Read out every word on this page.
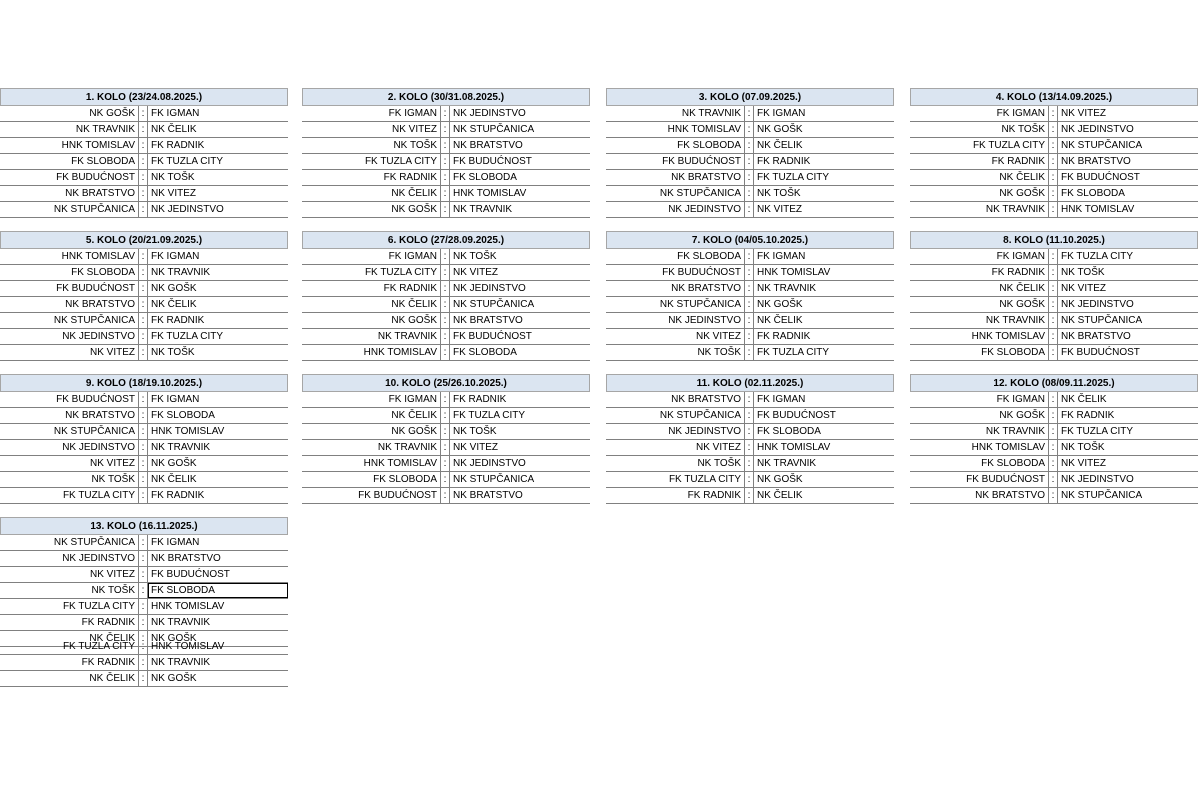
1. KOLO (23/24.08.2025.)
NK GOŠK : FK IGMAN
NK TRAVNIK : NK ČELIK
HNK TOMISLAV : FK RADNIK
FK SLOBODA : FK TUZLA CITY
FK BUDUĆNOST : NK TOŠK
NK BRATSTVO : NK VITEZ
NK STUPČANICA : NK JEDINSTVO
2. KOLO (30/31.08.2025.)
FK IGMAN : NK JEDINSTVO
NK VITEZ : NK STUPČANICA
NK TOŠK : NK BRATSTVO
FK TUZLA CITY : FK BUDUĆNOST
FK RADNIK : FK SLOBODA
NK ČELIK : HNK TOMISLAV
NK GOŠK : NK TRAVNIK
3. KOLO (07.09.2025.)
NK TRAVNIK : FK IGMAN
HNK TOMISLAV : NK GOŠK
FK SLOBODA : NK ČELIK
FK BUDUĆNOST : FK RADNIK
NK BRATSTVO : FK TUZLA CITY
NK STUPČANICA : NK TOŠK
NK JEDINSTVO : NK VITEZ
4. KOLO (13/14.09.2025.)
FK IGMAN : NK VITEZ
NK TOŠK : NK JEDINSTVO
FK TUZLA CITY : NK STUPČANICA
FK RADNIK : NK BRATSTVO
NK ČELIK : FK BUDUĆNOST
NK GOŠK : FK SLOBODA
NK TRAVNIK : HNK TOMISLAV
5. KOLO (20/21.09.2025.)
HNK TOMISLAV : FK IGMAN
FK SLOBODA : NK TRAVNIK
FK BUDUĆNOST : NK GOŠK
NK BRATSTVO : NK ČELIK
NK STUPČANICA : FK RADNIK
NK JEDINSTVO : FK TUZLA CITY
NK VITEZ : NK TOŠK
6. KOLO (27/28.09.2025.)
FK IGMAN : NK TOŠK
FK TUZLA CITY : NK VITEZ
FK RADNIK : NK JEDINSTVO
NK ČELIK : NK STUPČANICA
NK GOŠK : NK BRATSTVO
NK TRAVNIK : FK BUDUĆNOST
HNK TOMISLAV : FK SLOBODA
7. KOLO (04/05.10.2025.)
FK SLOBODA : FK IGMAN
FK BUDUĆNOST : HNK TOMISLAV
NK BRATSTVO : NK TRAVNIK
NK STUPČANICA : NK GOŠK
NK JEDINSTVO : NK ČELIK
NK VITEZ : FK RADNIK
NK TOŠK : FK TUZLA CITY
8. KOLO (11.10.2025.)
FK IGMAN : FK TUZLA CITY
FK RADNIK : NK TOŠK
NK ČELIK : NK VITEZ
NK GOŠK : NK JEDINSTVO
NK TRAVNIK : NK STUPČANICA
HNK TOMISLAV : NK BRATSTVO
FK SLOBODA : FK BUDUĆNOST
9. KOLO (18/19.10.2025.)
FK BUDUĆNOST : FK IGMAN
NK BRATSTVO : FK SLOBODA
NK STUPČANICA : HNK TOMISLAV
NK JEDINSTVO : NK TRAVNIK
NK VITEZ : NK GOŠK
NK TOŠK : NK ČELIK
FK TUZLA CITY : FK RADNIK
10. KOLO (25/26.10.2025.)
FK IGMAN : FK RADNIK
NK ČELIK : FK TUZLA CITY
NK GOŠK : NK TOŠK
NK TRAVNIK : NK VITEZ
HNK TOMISLAV : NK JEDINSTVO
FK SLOBODA : NK STUPČANICA
FK BUDUĆNOST : NK BRATSTVO
11. KOLO (02.11.2025.)
NK BRATSTVO : FK IGMAN
NK STUPČANICA : FK BUDUĆNOST
NK JEDINSTVO : FK SLOBODA
NK VITEZ : HNK TOMISLAV
NK TOŠK : NK TRAVNIK
FK TUZLA CITY : NK GOŠK
FK RADNIK : NK ČELIK
12. KOLO (08/09.11.2025.)
FK IGMAN : NK ČELIK
NK GOŠK : FK RADNIK
NK TRAVNIK : FK TUZLA CITY
HNK TOMISLAV : NK TOŠK
FK SLOBODA : NK VITEZ
FK BUDUĆNOST : NK JEDINSTVO
NK BRATSTVO : NK STUPČANICA
13. KOLO (16.11.2025.)
NK STUPČANICA : FK IGMAN
NK JEDINSTVO : NK BRATSTVO
NK VITEZ : FK BUDUĆNOST
NK TOŠK : FK SLOBODA
FK TUZLA CITY : HNK TOMISLAV
FK RADNIK : NK TRAVNIK
NK ČELIK : NK GOŠK
FK TUZLA CITY : HNK TOMISLAV
FK RADNIK : NK TRAVNIK
NK ČELIK : NK GOŠK
